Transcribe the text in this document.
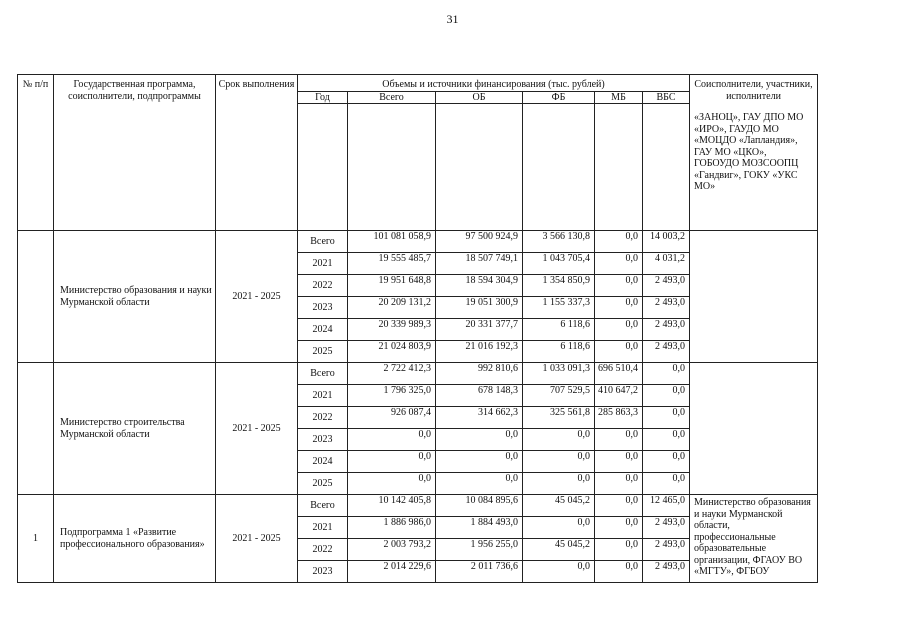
31
№ п/п	Государственная программа, соисполнители, подпрограммы	Срок выполнения	Объемы и источники финансирования (тыс. рублей)						Соисполнители, участники, исполнители
«ЗАНОЦ», ГАУ ДПО МО «ИРО», ГАУДО МО «МОЦДО «Лапландия», ГАУ МО «ЦКО», ГОБОУДО МОЗСООПЦ «Гандвиг», ГОКУ «УКС МО»

			Год	Всего	ОБ	ФБ	МБ	ВБС	

	Министерство образования и науки Мурманской области	2021 - 2025	Всего	101 081 058,9	97 500 924,9	3 566 130,8	0,0	14 003,2	
			2021	19 555 485,7	18 507 749,1	1 043 705,4	0,0	4 031,2	
			2022	19 951 648,8	18 594 304,9	1 354 850,9	0,0	2 493,0	
			2023	20 209 131,2	19 051 300,9	1 155 337,3	0,0	2 493,0	
			2024	20 339 989,3	20 331 377,7	6 118,6	0,0	2 493,0	
			2025	21 024 803,9	21 016 192,3	6 118,6	0,0	2 493,0	
	Министерство строительства Мурманской области	2021 - 2025	Всего	2 722 412,3	992 810,6	1 033 091,3	696 510,4	0,0	
			2021	1 796 325,0	678 148,3	707 529,5	410 647,2	0,0	
			2022	926 087,4	314 662,3	325 561,8	285 863,3	0,0	
			2023	0,0	0,0	0,0	0,0	0,0	
			2024	0,0	0,0	0,0	0,0	0,0	
			2025	0,0	0,0	0,0	0,0	0,0	
1	Подпрограмма 1 «Развитие профессионального образования»	2021 - 2025	Всего	10 142 405,8	10 084 895,6	45 045,2	0,0	12 465,0	Министерство образования и науки Мурманской области, профессиональные образовательные организации, ФГАОУ ВО «МГТУ», ФГБОУ
			2021	1 886 986,0	1 884 493,0	0,0	0,0	2 493,0	
			2022	2 003 793,2	1 956 255,0	45 045,2	0,0	2 493,0	
			2023	2 014 229,6	2 011 736,6	0,0	0,0	2 493,0	
